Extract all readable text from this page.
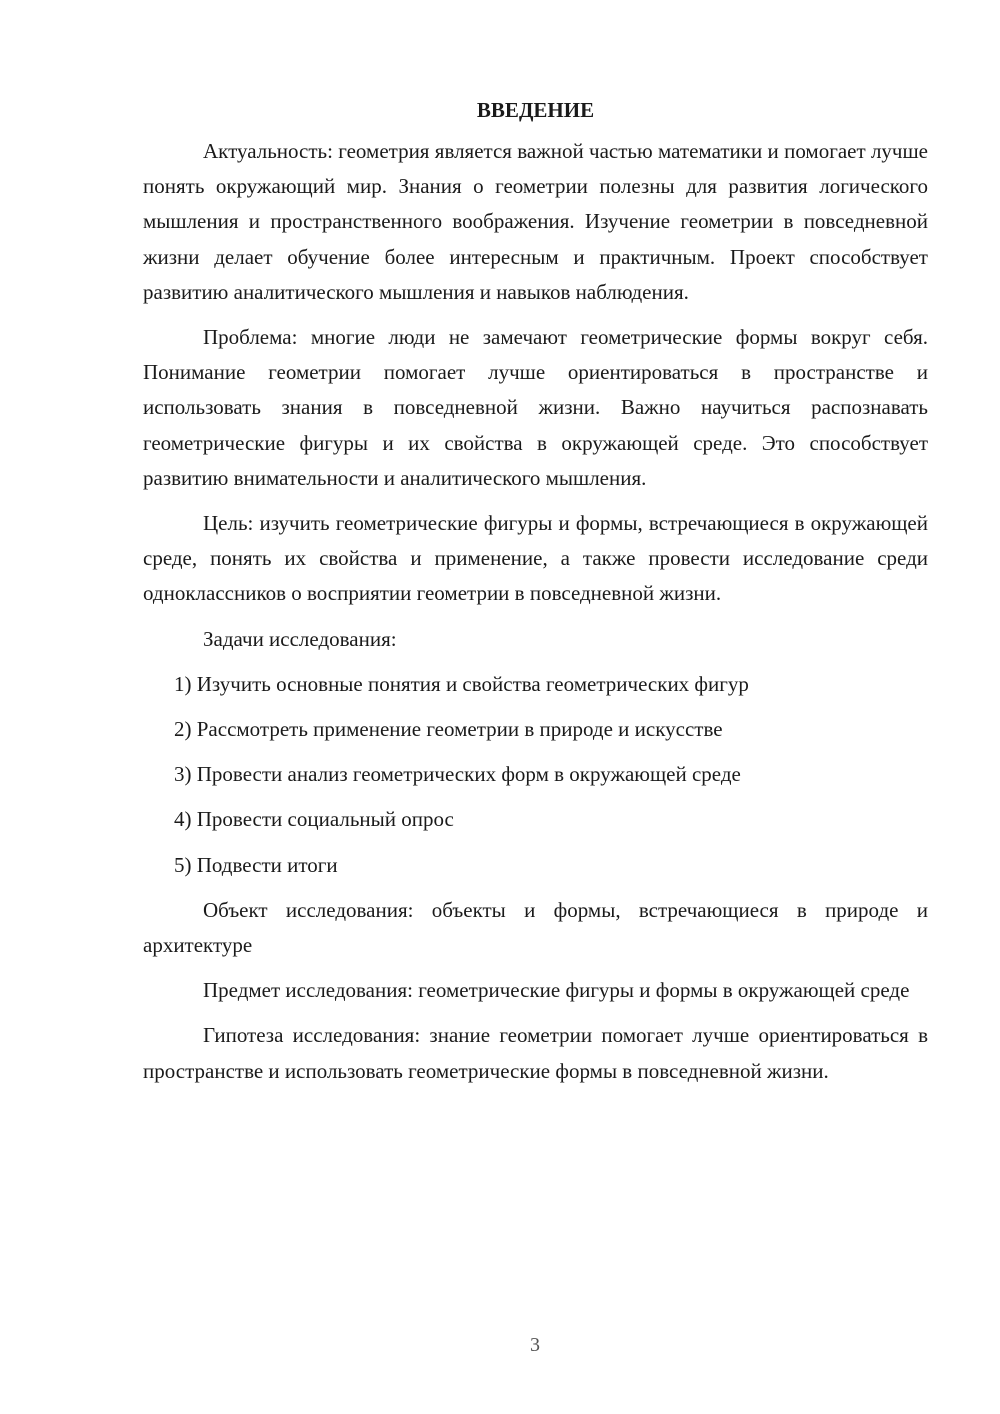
ВВЕДЕНИЕ

Актуальность: геометрия является важной частью математики и помогает лучше понять окружающий мир. Знания о геометрии полезны для развития логического мышления и пространственного воображения. Изучение геометрии в повседневной жизни делает обучение более интересным и практичным. Проект способствует развитию аналитического мышления и навыков наблюдения.

Проблема: многие люди не замечают геометрические формы вокруг себя. Понимание геометрии помогает лучше ориентироваться в пространстве и использовать знания в повседневной жизни. Важно научиться распознавать геометрические фигуры и их свойства в окружающей среде. Это способствует развитию внимательности и аналитического мышления.

Цель: изучить геометрические фигуры и формы, встречающиеся в окружающей среде, понять их свойства и применение, а также провести исследование среди одноклассников о восприятии геометрии в повседневной жизни.

Задачи исследования:

1) Изучить основные понятия и свойства геометрических фигур
2) Рассмотреть применение геометрии в природе и искусстве
3) Провести анализ геометрических форм в окружающей среде
4) Провести социальный опрос
5) Подвести итоги

Объект исследования: объекты и формы, встречающиеся в природе и архитектуре

Предмет исследования: геометрические фигуры и формы в окружающей среде

Гипотеза исследования: знание геометрии помогает лучше ориентироваться в пространстве и использовать геометрические формы в повседневной жизни.

3
